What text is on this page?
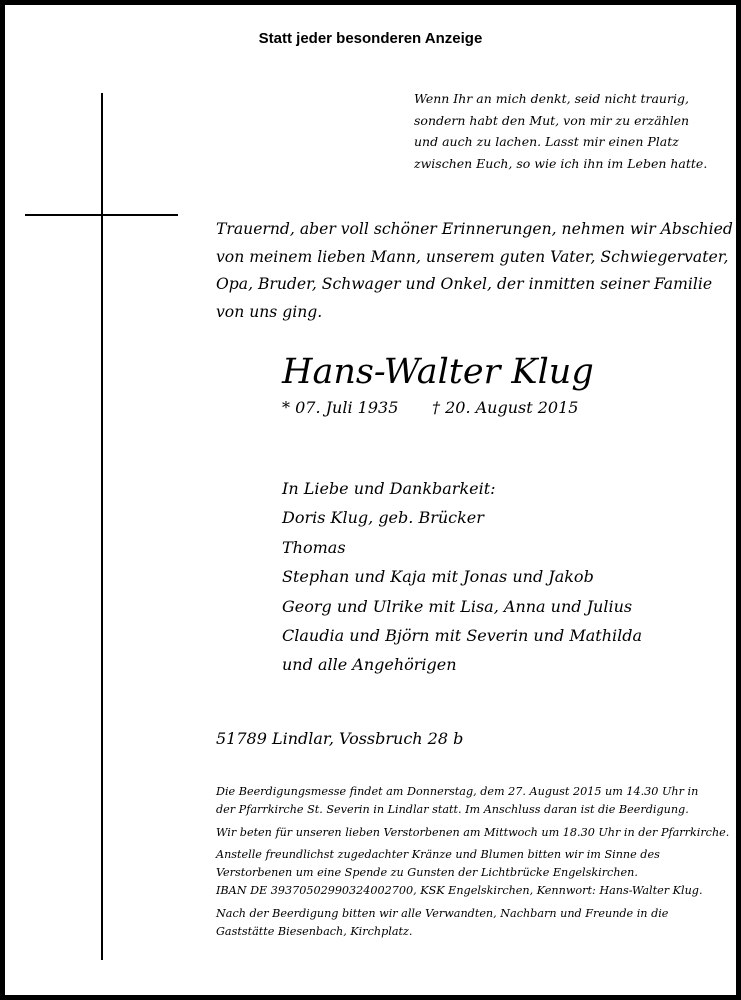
Statt jeder besonderen Anzeige
Wenn Ihr an mich denkt, seid nicht traurig,
sondern habt den Mut, von mir zu erzählen
und auch zu lachen. Lasst mir einen Platz
zwischen Euch, so wie ich ihn im Leben hatte.
Trauernd, aber voll schöner Erinnerungen, nehmen wir Abschied
von meinem lieben Mann, unserem guten Vater, Schwiegervater,
Opa, Bruder, Schwager und Onkel, der inmitten seiner Familie
von uns ging.
Hans-Walter Klug
* 07. Juli 1935 † 20. August 2015
In Liebe und Dankbarkeit:
Doris Klug, geb. Brücker
Thomas
Stephan und Kaja mit Jonas und Jakob
Georg und Ulrike mit Lisa, Anna und Julius
Claudia und Björn mit Severin und Mathilda
und alle Angehörigen
51789 Lindlar, Vossbruch 28 b
Die Beerdigungsmesse findet am Donnerstag, dem 27. August 2015 um 14.30 Uhr in
der Pfarrkirche St. Severin in Lindlar statt. Im Anschluss daran ist die Beerdigung.
Wir beten für unseren lieben Verstorbenen am Mittwoch um 18.30 Uhr in der Pfarrkirche.
Anstelle freundlichst zugedachter Kränze und Blumen bitten wir im Sinne des
Verstorbenen um eine Spende zu Gunsten der Lichtbrücke Engelskirchen.
IBAN DE 39370502990324002700, KSK Engelskirchen, Kennwort: Hans-Walter Klug.
Nach der Beerdigung bitten wir alle Verwandten, Nachbarn und Freunde in die
Gaststätte Biesenbach, Kirchplatz.
